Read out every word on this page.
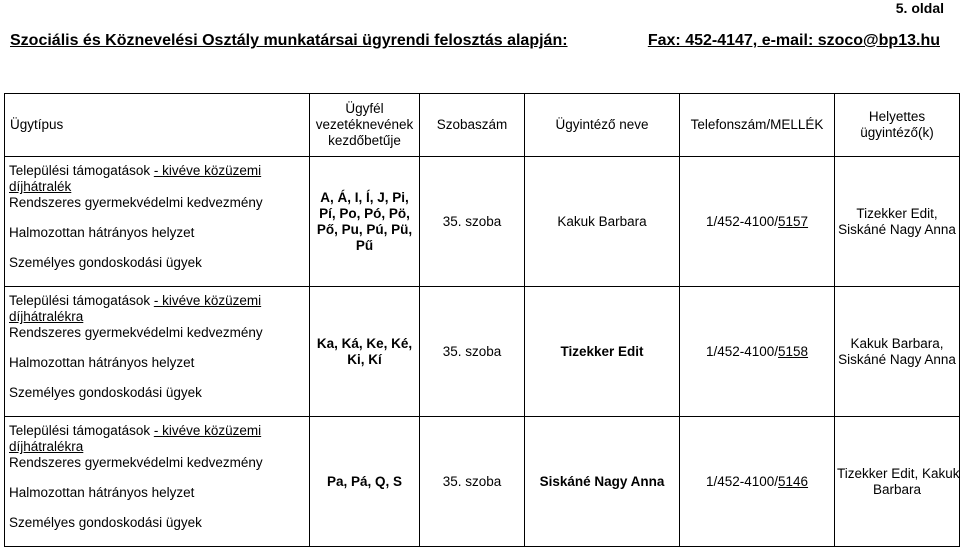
5. oldal
Szociális és Köznevelési Osztály munkatársai ügyrendi felosztás alapján:	Fax: 452-4147, e-mail: szoco@bp13.hu
Ügytípus	Ügyfél
vezetéknevének
kezdőbetűje	Szobaszám	Ügyintéző neve	Telefonszám/MELLÉK	Helyettes
ügyintéző(k)

Települési támogatások - kivéve közüzemi
díjhátralék
Rendszeres gyermekvédelmi kedvezmény
Halmozottan hátrányos helyzet
Személyes gondoskodási ügyek	A, Á, I, Í, J, Pi,
Pí, Po, Pó, Pö,
Pő, Pu, Pú, Pü,
Pű	35. szoba	Kakuk Barbara	1/452-4100/5157	Tizekker Edit,
Siskáné Nagy Anna

Települési támogatások - kivéve közüzemi
díjhátralékra
Rendszeres gyermekvédelmi kedvezmény
Halmozottan hátrányos helyzet
Személyes gondoskodási ügyek	Ka, Ká, Ke, Ké,
Ki, Kí	35. szoba	Tizekker Edit	1/452-4100/5158	Kakuk Barbara,
Siskáné Nagy Anna

Települési támogatások - kivéve közüzemi
díjhátralékra
Rendszeres gyermekvédelmi kedvezmény
Halmozottan hátrányos helyzet
Személyes gondoskodási ügyek	Pa, Pá, Q, S	35. szoba	Siskáné Nagy Anna	1/452-4100/5146	Tizekker Edit, Kakuk
Barbara
